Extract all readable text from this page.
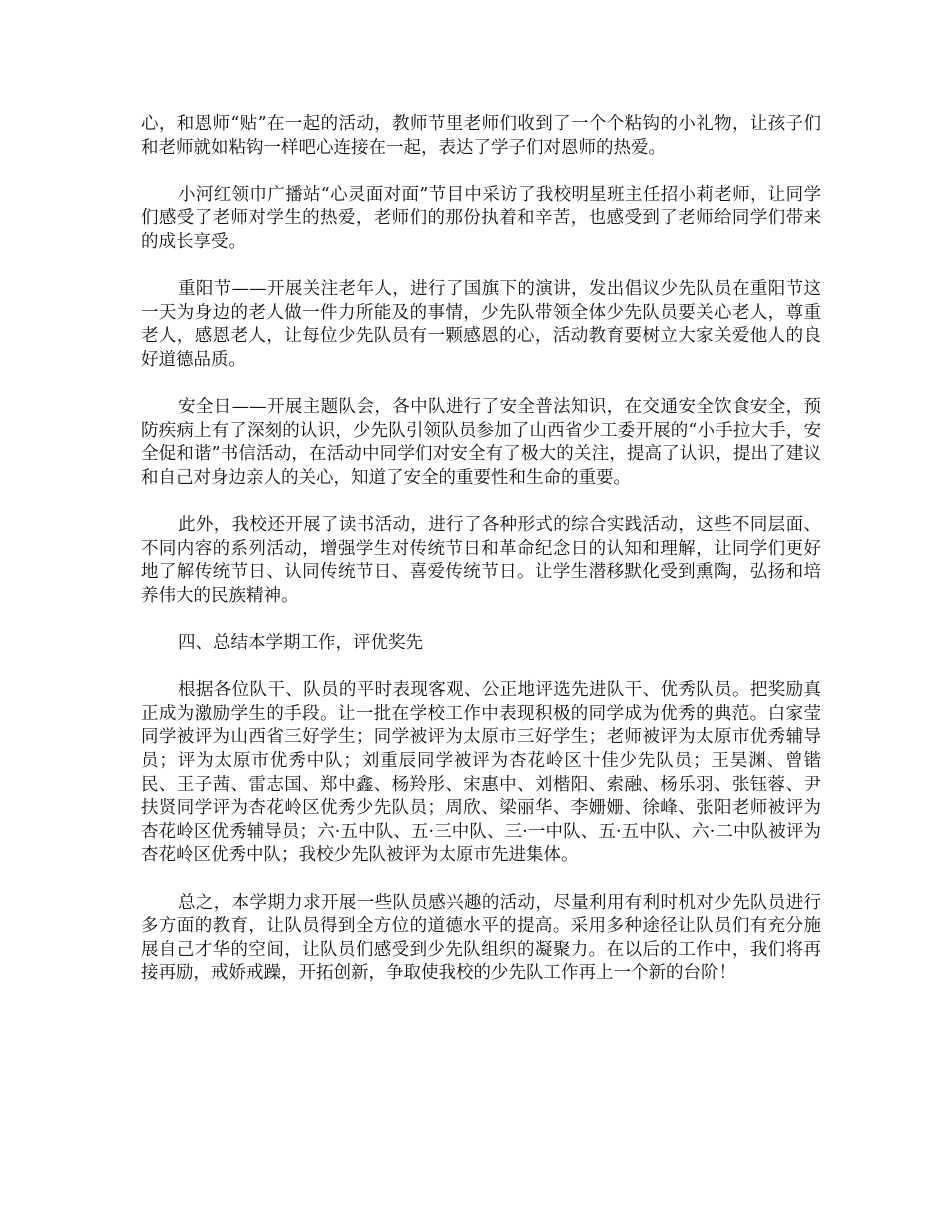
心，和恩师“贴”在一起的活动，教师节里老师们收到了一个个粘钩的小礼物，让孩子们和老师就如粘钩一样吧心连接在一起，表达了学子们对恩师的热爱。

小河红领巾广播站“心灵面对面”节目中采访了我校明星班主任招小莉老师，让同学们感受了老师对学生的热爱，老师们的那份执着和辛苦，也感受到了老师给同学们带来的成长享受。

重阳节——开展关注老年人，进行了国旗下的演讲，发出倡议少先队员在重阳节这一天为身边的老人做一件力所能及的事情，少先队带领全体少先队员要关心老人，尊重老人，感恩老人，让每位少先队员有一颗感恩的心，活动教育要树立大家关爱他人的良好道德品质。

安全日——开展主题队会，各中队进行了安全普法知识，在交通安全饮食安全，预防疾病上有了深刻的认识，少先队引领队员参加了山西省少工委开展的“小手拉大手，安全促和谐”书信活动，在活动中同学们对安全有了极大的关注，提高了认识，提出了建议和自己对身边亲人的关心，知道了安全的重要性和生命的重要。

此外，我校还开展了读书活动，进行了各种形式的综合实践活动，这些不同层面、不同内容的系列活动，增强学生对传统节日和革命纪念日的认知和理解，让同学们更好地了解传统节日、认同传统节日、喜爱传统节日。让学生潜移默化受到熏陶，弘扬和培养伟大的民族精神。

四、总结本学期工作，评优奖先

根据各位队干、队员的平时表现客观、公正地评选先进队干、优秀队员。把奖励真正成为激励学生的手段。让一批在学校工作中表现积极的同学成为优秀的典范。白家莹同学被评为山西省三好学生；同学被评为太原市三好学生；老师被评为太原市优秀辅导员；评为太原市优秀中队；刘重辰同学被评为杏花岭区十佳少先队员；王昊渊、曾锴民、王子茜、雷志国、郑中鑫、杨羚彤、宋惠中、刘楷阳、索融、杨乐羽、张钰蓉、尹扶贤同学评为杏花岭区优秀少先队员；周欣、梁丽华、李姗姗、徐峰、张阳老师被评为杏花岭区优秀辅导员；六·五中队、五·三中队、三·一中队、五·五中队、六·二中队被评为杏花岭区优秀中队；我校少先队被评为太原市先进集体。

总之，本学期力求开展一些队员感兴趣的活动，尽量利用有利时机对少先队员进行多方面的教育，让队员得到全方位的道德水平的提高。采用多种途径让队员们有充分施展自己才华的空间，让队员们感受到少先队组织的凝聚力。在以后的工作中，我们将再接再励，戒娇戒躁，开拓创新，争取使我校的少先队工作再上一个新的台阶！
